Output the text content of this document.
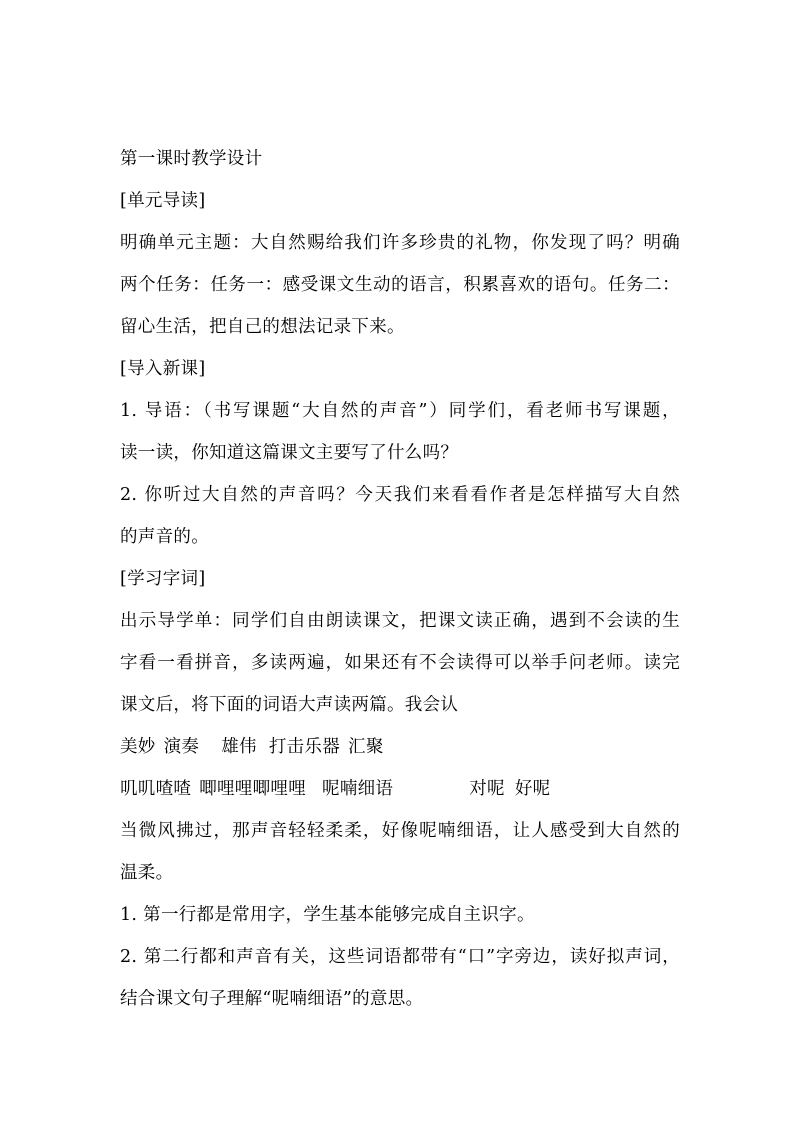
第一课时教学设计
[单元导读]
明确单元主题：大自然赐给我们许多珍贵的礼物，你发现了吗？明确
两个任务：任务一：感受课文生动的语言，积累喜欢的语句。任务二：
留心生活，把自己的想法记录下来。
[导入新课]
1. 导语：（书写课题“大自然的声音”）同学们，看老师书写课题，
读一读，你知道这篇课文主要写了什么吗？
2. 你听过大自然的声音吗？今天我们来看看作者是怎样描写大自然
的声音的。
[学习字词]
出示导学单：同学们自由朗读课文，把课文读正确，遇到不会读的生
字看一看拼音，多读两遍，如果还有不会读得可以举手问老师。读完
课文后，将下面的词语大声读两篇。我会认
美妙 演奏 雄伟 打击乐器 汇聚
叽叽喳喳 唧哩哩唧哩哩 呢喃细语	对呢 好呢
当微风拂过，那声音轻轻柔柔，好像呢喃细语，让人感受到大自然的
温柔。
1. 第一行都是常用字，学生基本能够完成自主识字。
2. 第二行都和声音有关，这些词语都带有“口”字旁边，读好拟声词，
结合课文句子理解“呢喃细语”的意思。
